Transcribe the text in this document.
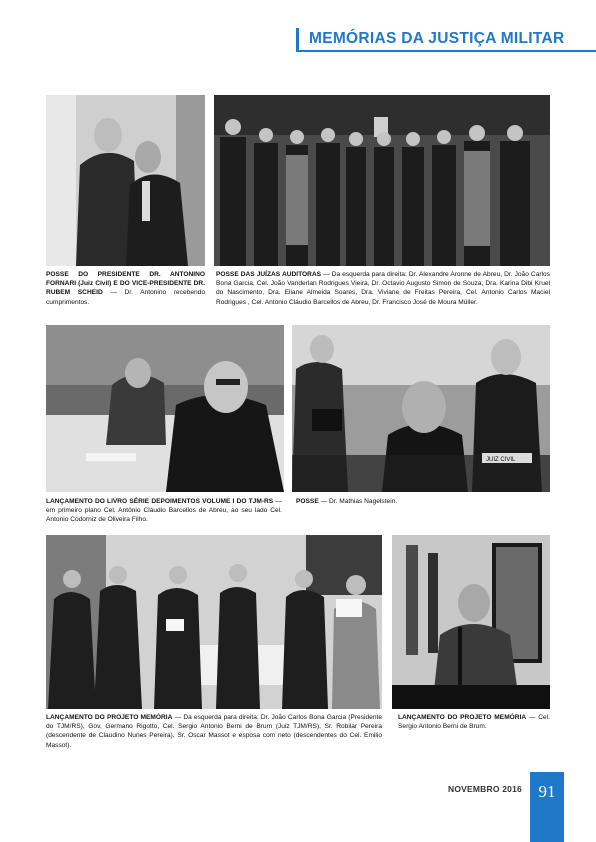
MEMÓRIAS DA JUSTIÇA MILITAR
POSSE DO PRESIDENTE DR. ANTONINO FORNARI (Juiz Civil) E DO VICE-PRESIDENTE DR. RUBEM SCHEID — Dr. Antonino recebendo cumprimentos.
POSSE DAS JUÍZAS AUDITORAS — Da esquerda para direita: Dr. Alexandre Aronne de Abreu, Dr. João Carlos Bona Garcia, Cel. João Vanderlan Rodrigues Vieira, Dr. Octavio Augusto Simon de Souza, Dra. Karina Dibi Kruel do Nascimento, Dra. Eliane Almeida Soares, Dra. Viviane de Freitas Pereira, Cel. Antonio Carlos Maciel Rodrigues , Cel. Antonio Cláudio Barcellos de Abreu, Dr. Francisco José de Moura Müller.
JUIZ CIVIL
LANÇAMENTO DO LIVRO SÉRIE DEPOIMENTOS VOLUME I DO TJM-RS — em primeiro plano Cel. Antônio Cláudio Barcellos de Abreu, ao seu lado Cel. Antonio Codorniz de Oliveira Filho.
POSSE — Dr. Mathias Nagelstein.
LANÇAMENTO DO PROJETO MEMÓRIA — Da esquerda para direita: Dr. João Carlos Bona Garcia (Presidente do TJM/RS), Gov. Germano Rigotto, Cel. Sergio Antonio Berni de Brum (Juiz TJM/RS), Sr. Robilar Pereira (descendente de Claudino Nunes Pereira), Sr. Oscar Massot e esposa com neto (descendentes do Cel. Emilio Massot).
LANÇAMENTO DO PROJETO MEMÓRIA — Cel. Sergio Antonio Berni de Brum.
NOVEMBRO 2016 91
